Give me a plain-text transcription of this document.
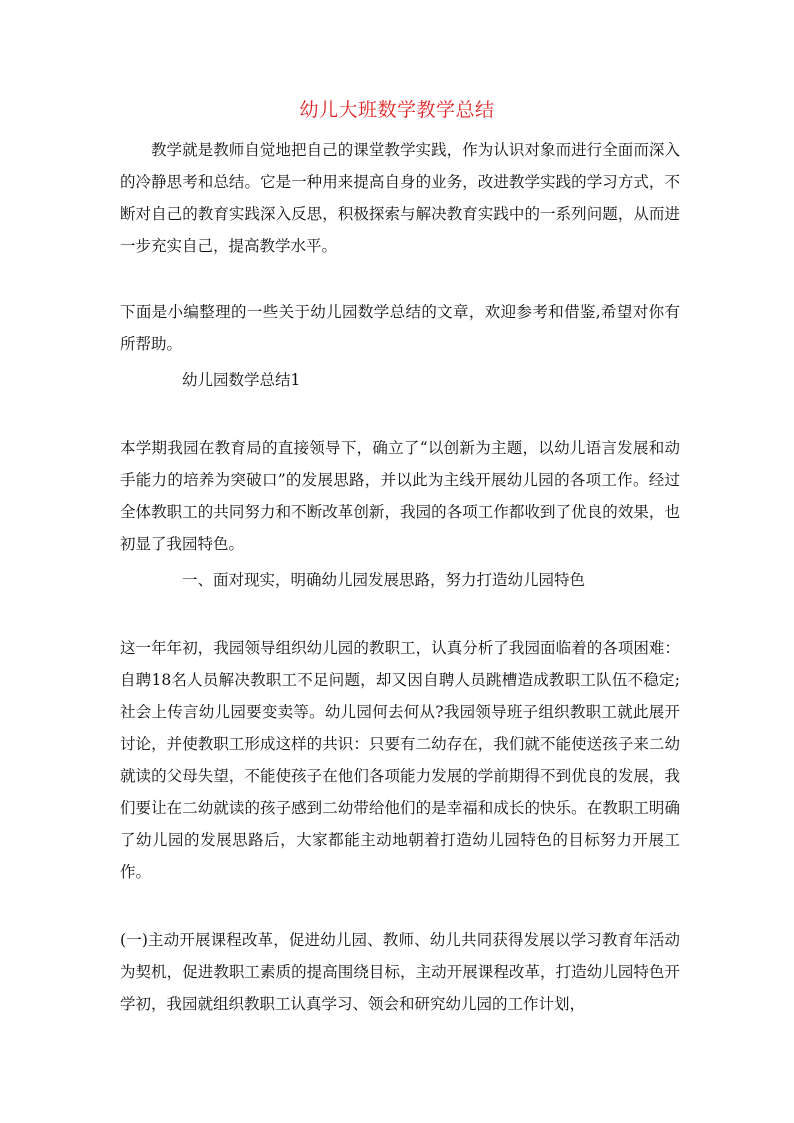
幼儿大班数学教学总结

教学就是教师自觉地把自己的课堂教学实践，作为认识对象而进行全面而深入的冷静思考和总结。它是一种用来提高自身的业务，改进教学实践的学习方式，不断对自己的教育实践深入反思，积极探索与解决教育实践中的一系列问题，从而进一步充实自己，提高教学水平。

下面是小编整理的一些关于幼儿园数学总结的文章，欢迎参考和借鉴,希望对你有所帮助。

幼儿园数学总结1

本学期我园在教育局的直接领导下，确立了“以创新为主题，以幼儿语言发展和动手能力的培养为突破口”的发展思路，并以此为主线开展幼儿园的各项工作。经过全体教职工的共同努力和不断改革创新，我园的各项工作都收到了优良的效果，也初显了我园特色。

一、面对现实，明确幼儿园发展思路，努力打造幼儿园特色

这一年年初，我园领导组织幼儿园的教职工，认真分析了我园面临着的各项困难：自聘18名人员解决教职工不足问题，却又因自聘人员跳槽造成教职工队伍不稳定;社会上传言幼儿园要变卖等。幼儿园何去何从?我园领导班子组织教职工就此展开讨论，并使教职工形成这样的共识：只要有二幼存在，我们就不能使送孩子来二幼就读的父母失望，不能使孩子在他们各项能力发展的学前期得不到优良的发展，我们要让在二幼就读的孩子感到二幼带给他们的是幸福和成长的快乐。在教职工明确了幼儿园的发展思路后，大家都能主动地朝着打造幼儿园特色的目标努力开展工作。

(一)主动开展课程改革，促进幼儿园、教师、幼儿共同获得发展以学习教育年活动为契机，促进教职工素质的提高围绕目标，主动开展课程改革，打造幼儿园特色开学初，我园就组织教职工认真学习、领会和研究幼儿园的工作计划，
